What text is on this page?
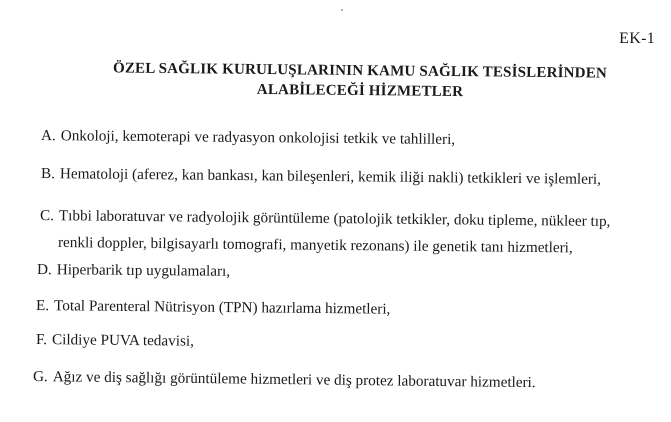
EK-1
ÖZEL SAĞLIK KURULUŞLARININ KAMU SAĞLIK TESİSLERİNDEN
ALABİLECEĞİ HİZMETLER
A. Onkoloji, kemoterapi ve radyasyon onkolojisi tetkik ve tahlilleri,
B. Hematoloji (aferez, kan bankası, kan bileşenleri, kemik iliği nakli) tetkikleri ve işlemleri,
C. Tıbbi laboratuvar ve radyolojik görüntüleme (patolojik tetkikler, doku tipleme, nükleer tıp,
renkli doppler, bilgisayarlı tomografi, manyetik rezonans) ile genetik tanı hizmetleri,
D. Hiperbarik tıp uygulamaları,
E. Total Parenteral Nütrisyon (TPN) hazırlama hizmetleri,
F. Cildiye PUVA tedavisi,
G. Ağız ve diş sağlığı görüntüleme hizmetleri ve diş protez laboratuvar hizmetleri.
